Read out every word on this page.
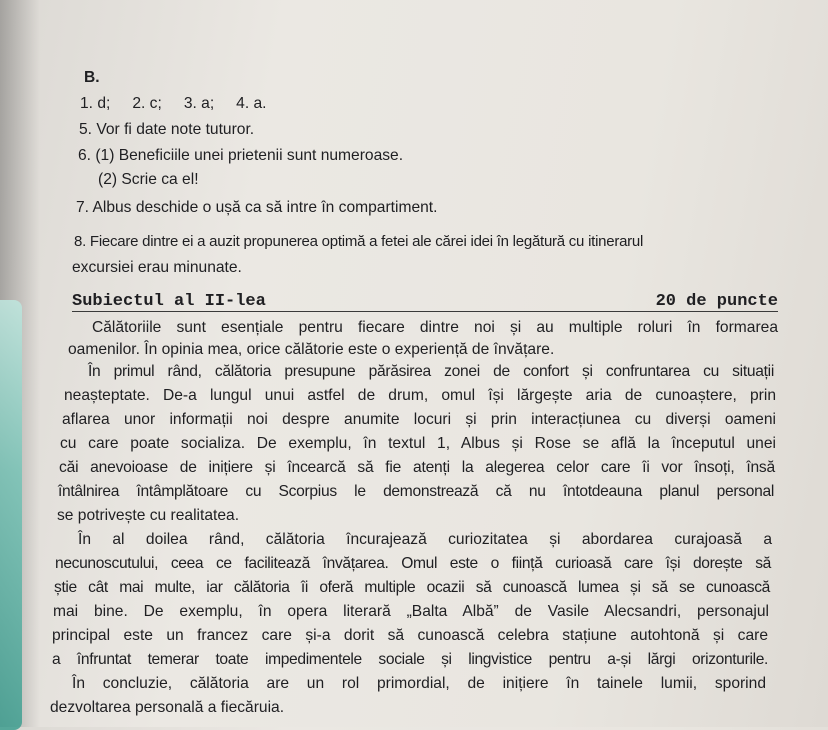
B.
1. d; 2. c; 3. a; 4. a.
5. Vor fi date note tuturor.
6. (1) Beneficiile unei prietenii sunt numeroase.
(2) Scrie ca el!
7. Albus deschide o ușă ca să intre în compartiment.
8. Fiecare dintre ei a auzit propunerea optimă a fetei ale cărei idei în legătură cu itinerarul
excursiei erau minunate.
Subiectul al II-lea	20 de puncte
Călătoriile sunt esențiale pentru fiecare dintre noi și au multiple roluri în formarea
oamenilor. În opinia mea, orice călătorie este o experiență de învățare.
În primul rând, călătoria presupune părăsirea zonei de confort și confruntarea cu situații
neașteptate. De-a lungul unui astfel de drum, omul își lărgește aria de cunoaștere, prin
aflarea unor informații noi despre anumite locuri și prin interacțiunea cu diverși oameni
cu care poate socializa. De exemplu, în textul 1, Albus și Rose se află la începutul unei
căi anevoioase de inițiere și încearcă să fie atenți la alegerea celor care îi vor însoți, însă
întâlnirea întâmplătoare cu Scorpius le demonstrează că nu întotdeauna planul personal
se potrivește cu realitatea.
În al doilea rând, călătoria încurajează curiozitatea și abordarea curajoasă a
necunoscutului, ceea ce facilitează învățarea. Omul este o ființă curioasă care își dorește să
știe cât mai multe, iar călătoria îi oferă multiple ocazii să cunoască lumea și să se cunoască
mai bine. De exemplu, în opera literară „Balta Albă” de Vasile Alecsandri, personajul
principal este un francez care și-a dorit să cunoască celebra stațiune autohtonă și care
a înfruntat temerar toate impedimentele sociale și lingvistice pentru a-și lărgi orizonturile.
În concluzie, călătoria are un rol primordial, de inițiere în tainele lumii, sporind
dezvoltarea personală a fiecăruia.
